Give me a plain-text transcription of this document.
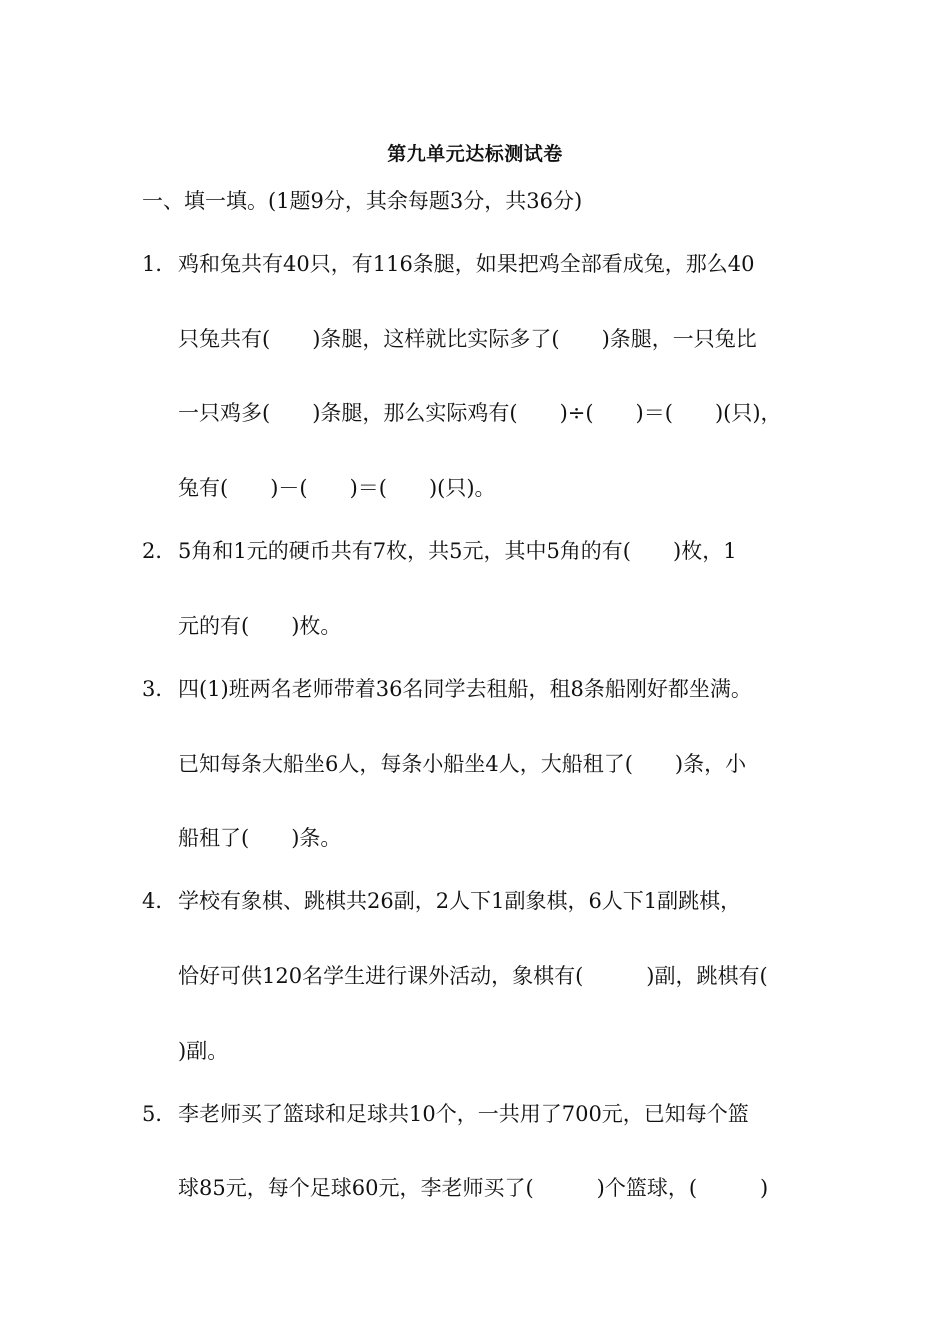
第九单元达标测试卷
一、填一填。(1题9分，其余每题3分，共36分)
1．鸡和兔共有40只，有116条腿，如果把鸡全部看成兔，那么40
只兔共有(　　)条腿，这样就比实际多了(　　)条腿，一只兔比
一只鸡多(　　)条腿，那么实际鸡有(　　)÷(　　)＝(　　)(只)，
兔有(　　)－(　　)＝(　　)(只)。
2．5角和1元的硬币共有7枚，共5元，其中5角的有(　　)枚，1
元的有(　　)枚。
3．四(1)班两名老师带着36名同学去租船，租8条船刚好都坐满。
已知每条大船坐6人，每条小船坐4人，大船租了(　　)条，小
船租了(　　)条。
4．学校有象棋、跳棋共26副，2人下1副象棋，6人下1副跳棋，
恰好可供120名学生进行课外活动，象棋有(　　　)副，跳棋有(
)副。
5．李老师买了篮球和足球共10个，一共用了700元，已知每个篮
球85元，每个足球60元，李老师买了(　　　)个篮球，(　　　)
